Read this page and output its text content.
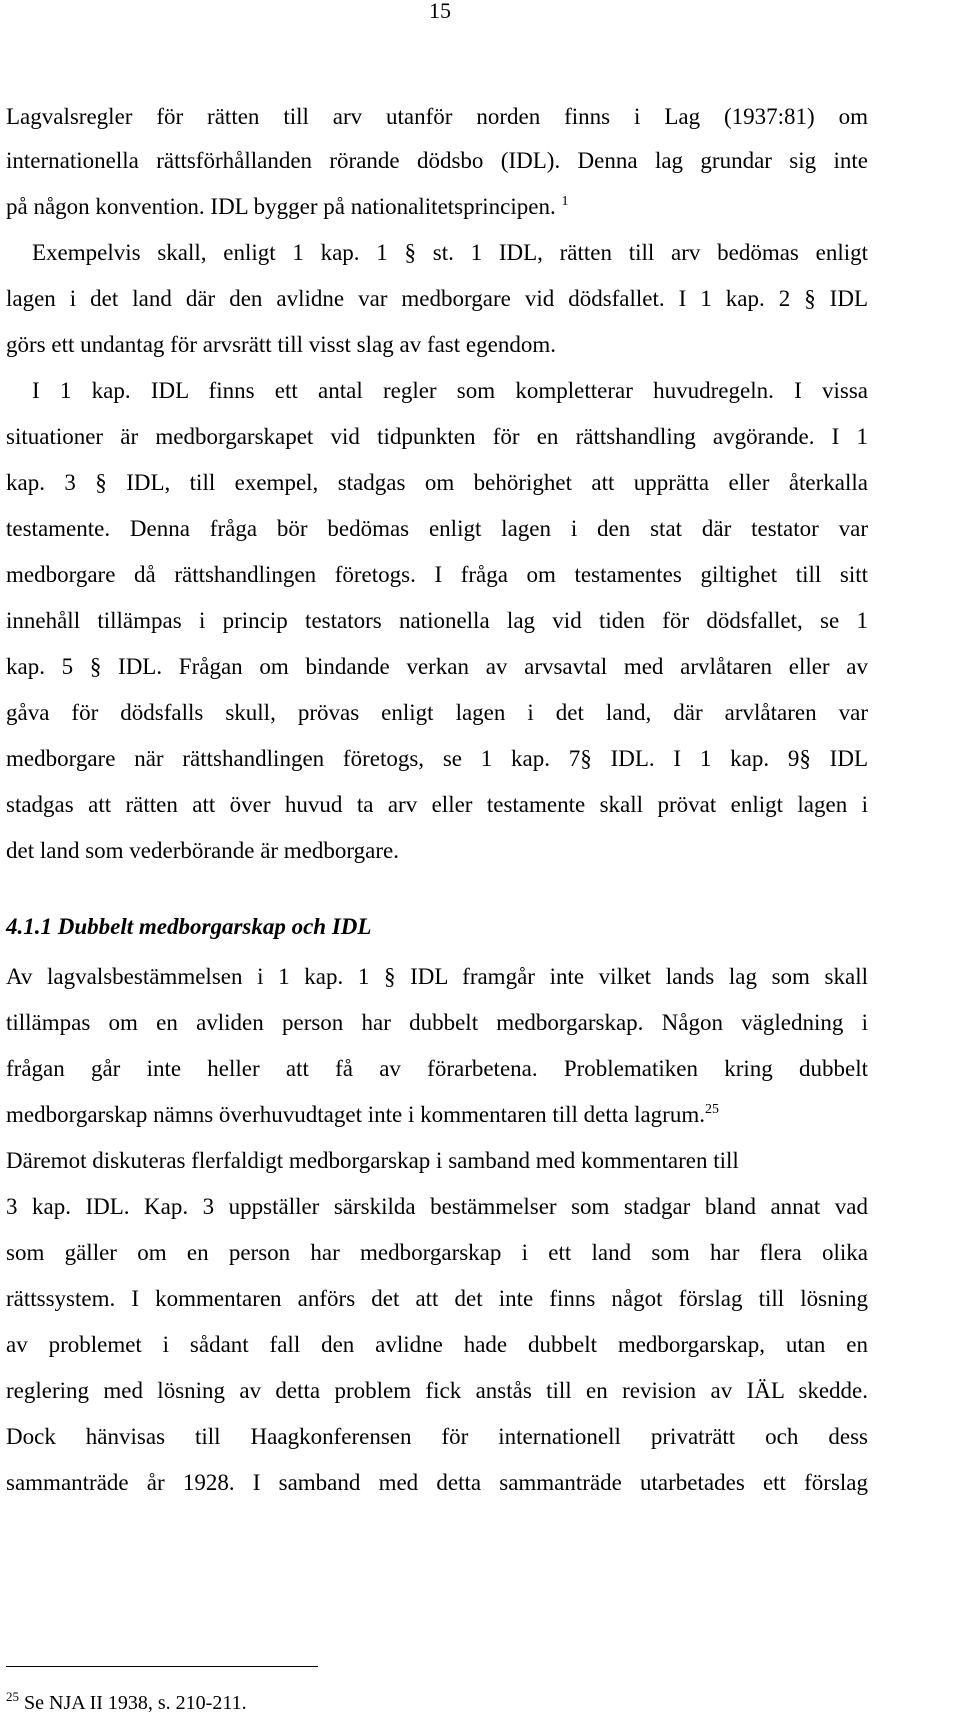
15
Lagvalsregler för rätten till arv utanför norden finns i Lag (1937:81) om
internationella rättsförhållanden rörande dödsbo (IDL). Denna lag grundar sig inte
på någon konvention. IDL bygger på nationalitetsprincipen. $^1$
Exempelvis skall, enligt 1 kap. 1 § st. 1 IDL, rätten till arv bedömas enligt
lagen i det land där den avlidne var medborgare vid dödsfallet. I 1 kap. 2 § IDL
görs ett undantag för arvsrätt till visst slag av fast egendom.
I 1 kap. IDL finns ett antal regler som kompletterar huvudregeln. I vissa
situationer är medborgarskapet vid tidpunkten för en rättshandling avgörande. I 1
kap. 3 § IDL, till exempel, stadgas om behörighet att upprätta eller återkalla
testamente. Denna fråga bör bedömas enligt lagen i den stat där testator var
medborgare då rättshandlingen företogs. I fråga om testamentes giltighet till sitt
innehåll tillämpas i princip testators nationella lag vid tiden för dödsfallet, se 1
kap. 5 § IDL. Frågan om bindande verkan av arvsavtal med arvlåtaren eller av
gåva för dödsfalls skull, prövas enligt lagen i det land, där arvlåtaren var
medborgare när rättshandlingen företogs, se 1 kap. 7§ IDL. I 1 kap. 9§ IDL
stadgas att rätten att över huvud ta arv eller testamente skall prövat enligt lagen i
det land som vederbörande är medborgare.
4.1.1 Dubbelt medborgarskap och IDL
Av lagvalsbestämmelsen i 1 kap. 1 § IDL framgår inte vilket lands lag som skall
tillämpas om en avliden person har dubbelt medborgarskap. Någon vägledning i
frågan går inte heller att få av förarbetena. Problematiken kring dubbelt
medborgarskap nämns överhuvudtaget inte i kommentaren till detta lagrum.$^{25}$
Däremot diskuteras flerfaldigt medborgarskap i samband med kommentaren till
3 kap. IDL. Kap. 3 uppställer särskilda bestämmelser som stadgar bland annat vad
som gäller om en person har medborgarskap i ett land som har flera olika
rättssystem. I kommentaren anförs det att det inte finns något förslag till lösning
av problemet i sådant fall den avlidne hade dubbelt medborgarskap, utan en
reglering med lösning av detta problem fick anstås till en revision av IÄL skedde.
Dock hänvisas till Haagkonferensen för internationell privaträtt och dess
sammanträde år 1928. I samband med detta sammanträde utarbetades ett förslag
$^{25}$ Se NJA II 1938, s. 210-211.
